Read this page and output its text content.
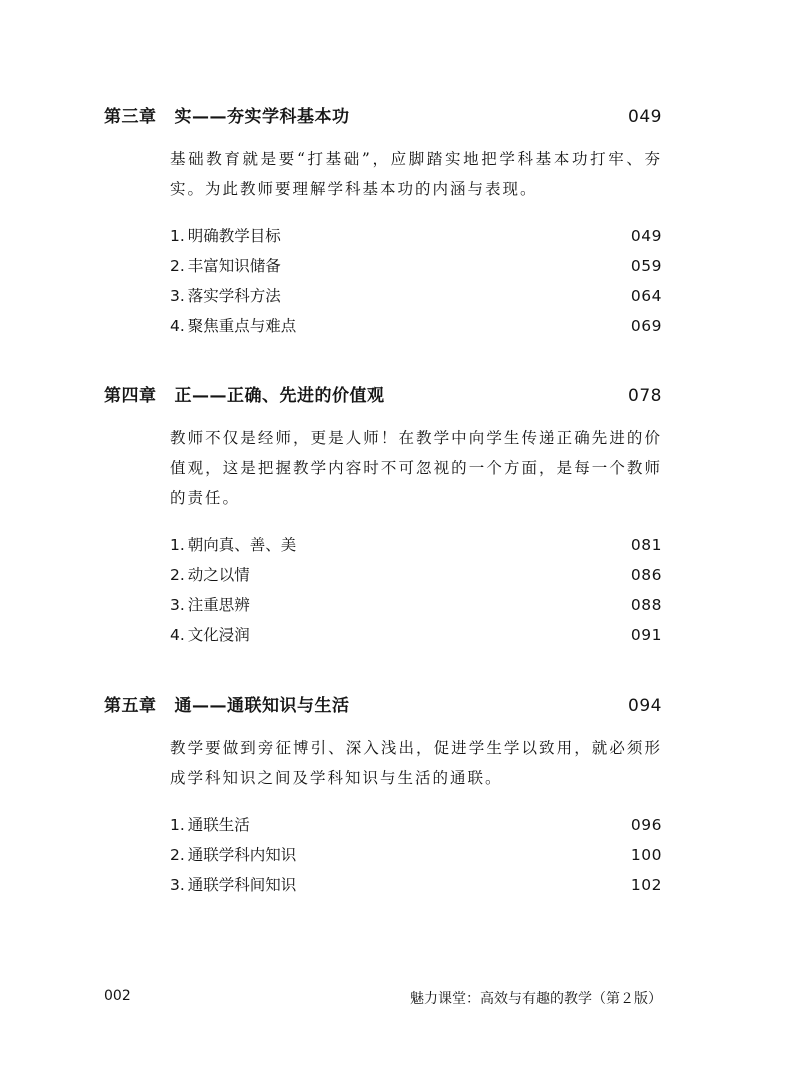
第三章 实——夯实学科基本功	049
基础教育就是要“打基础”，应脚踏实地把学科基本功打牢、夯实。为此教师要理解学科基本功的内涵与表现。
1. 明确教学目标	049
2. 丰富知识储备	059
3. 落实学科方法	064
4. 聚焦重点与难点	069
第四章 正——正确、先进的价值观	078
教师不仅是经师，更是人师！在教学中向学生传递正确先进的价值观，这是把握教学内容时不可忽视的一个方面，是每一个教师的责任。
1. 朝向真、善、美	081
2. 动之以情	086
3. 注重思辨	088
4. 文化浸润	091
第五章 通——通联知识与生活	094
教学要做到旁征博引、深入浅出，促进学生学以致用，就必须形成学科知识之间及学科知识与生活的通联。
1. 通联生活	096
2. 通联学科内知识	100
3. 通联学科间知识	102
002	魅力课堂：高效与有趣的教学（第２版）
